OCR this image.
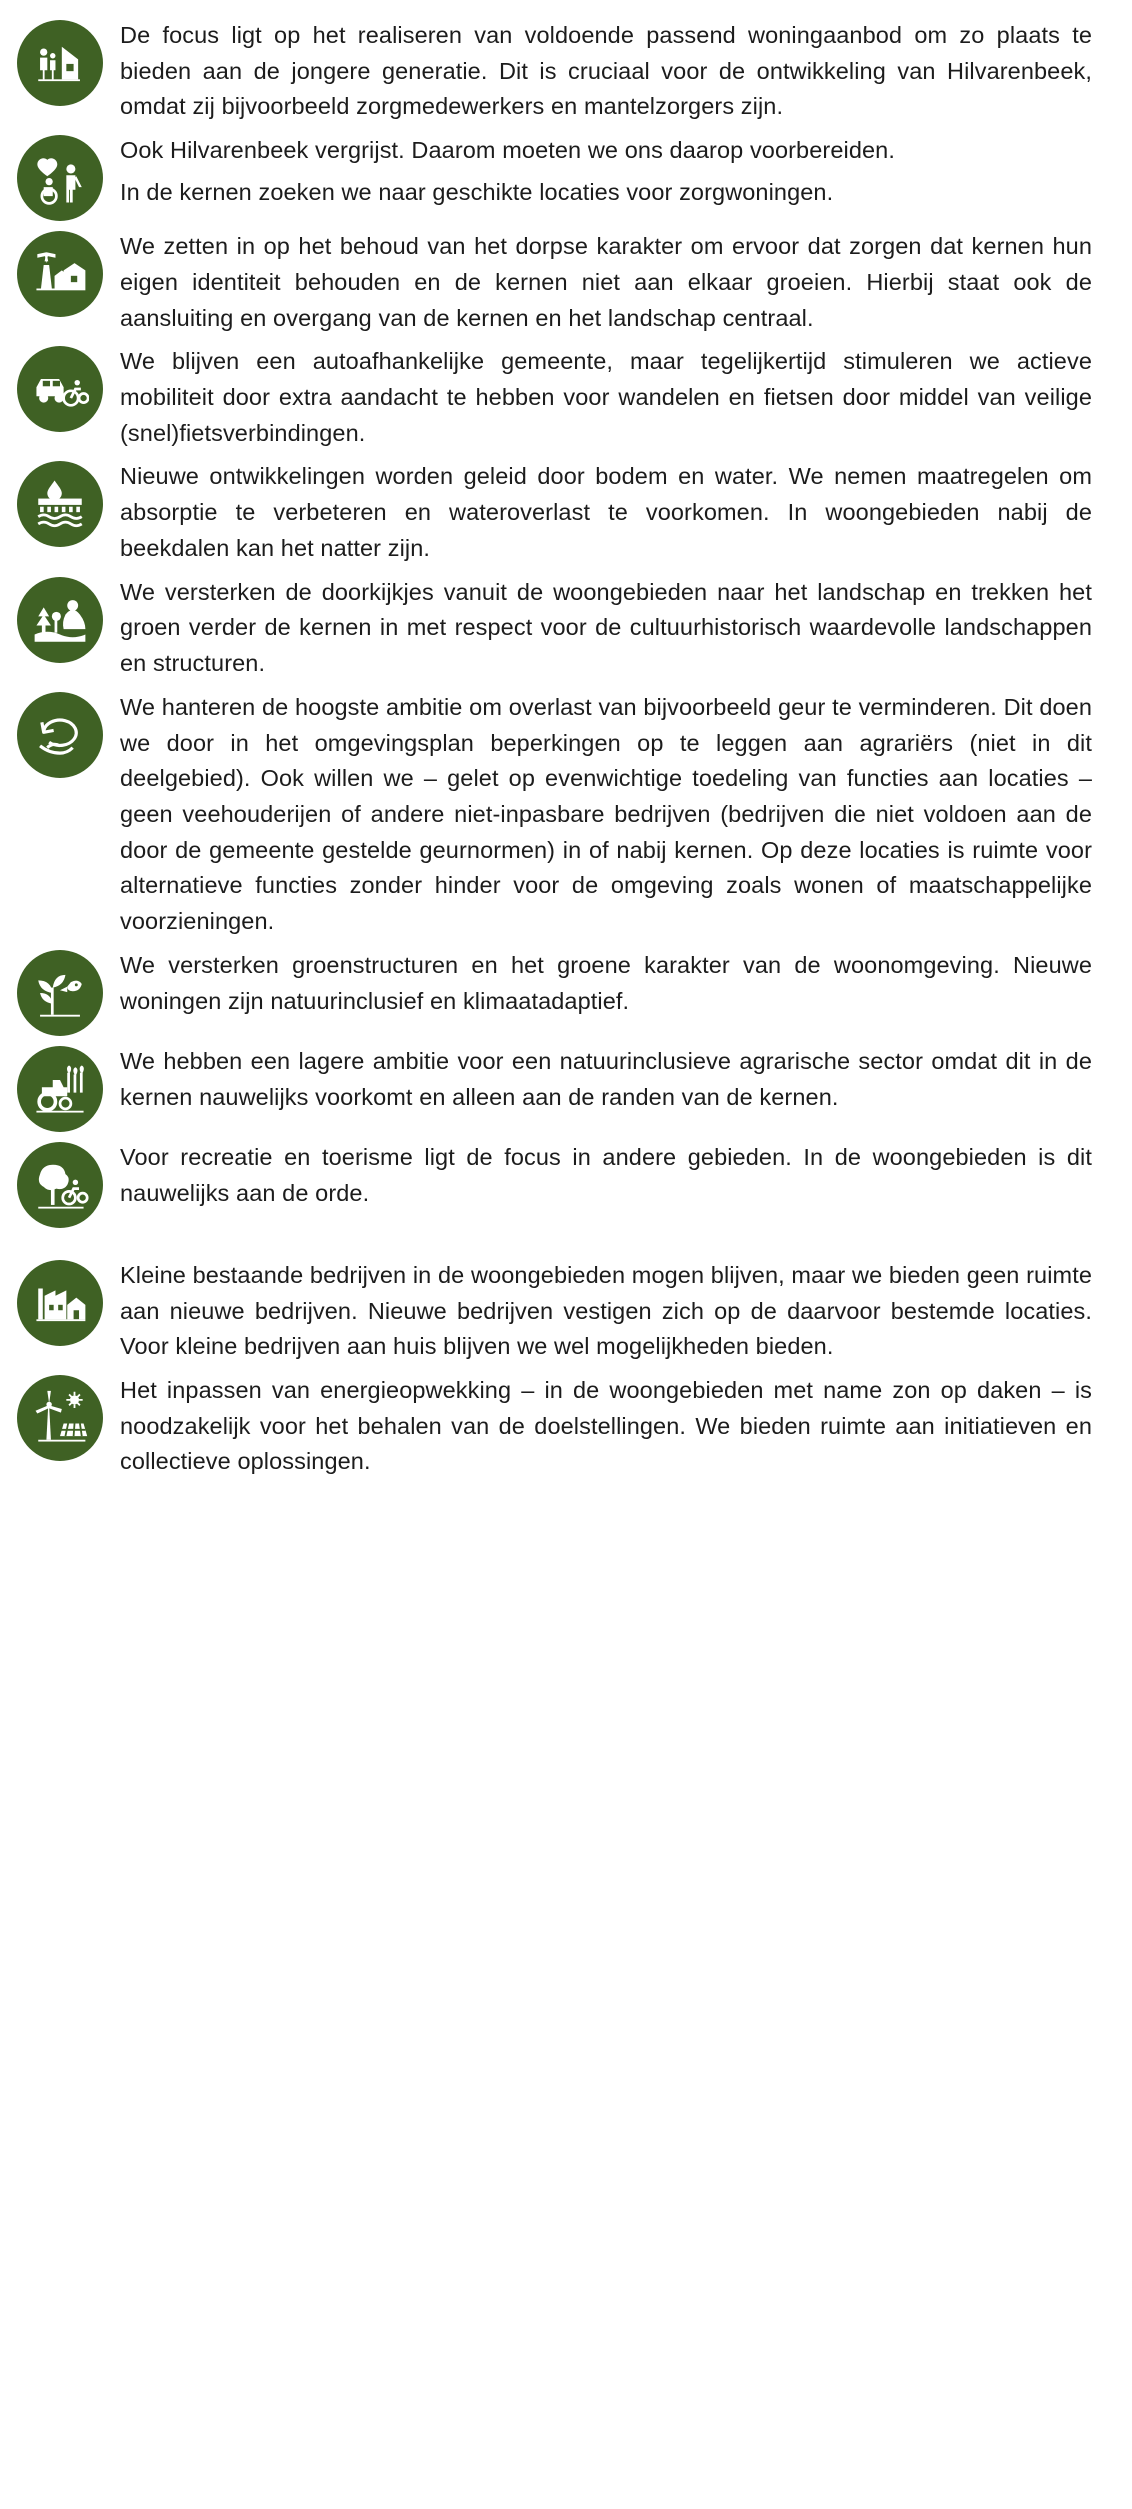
De focus ligt op het realiseren van voldoende passend woningaanbod om zo plaats te bieden aan de jongere generatie. Dit is cruciaal voor de ontwikkeling van Hilvarenbeek, omdat zij bijvoorbeeld zorgmedewerkers en mantelzorgers zijn.

Ook Hilvarenbeek vergrijst. Daarom moeten we ons daarop voorbereiden.

In de kernen zoeken we naar geschikte locaties voor zorgwoningen.

We zetten in op het behoud van het dorpse karakter om ervoor dat zorgen dat kernen hun eigen identiteit behouden en de kernen niet aan elkaar groeien. Hierbij staat ook de aansluiting en overgang van de kernen en het landschap centraal.

We blijven een autoafhankelijke gemeente, maar tegelijkertijd stimuleren we actieve mobiliteit door extra aandacht te hebben voor wandelen en fietsen door middel van veilige (snel)fietsverbindingen.

Nieuwe ontwikkelingen worden geleid door bodem en water. We nemen maatregelen om absorptie te verbeteren en wateroverlast te voorkomen. In woongebieden nabij de beekdalen kan het natter zijn.

We versterken de doorkijkjes vanuit de woongebieden naar het landschap en trekken het groen verder de kernen in met respect voor de cultuurhistorisch waardevolle landschappen en structuren.

We hanteren de hoogste ambitie om overlast van bijvoorbeeld geur te verminderen. Dit doen we door in het omgevingsplan beperkingen op te leggen aan agrariërs (niet in dit deelgebied). Ook willen we – gelet op evenwichtige toedeling van functies aan locaties – geen veehouderijen of andere niet-inpasbare bedrijven (bedrijven die niet voldoen aan de door de gemeente gestelde geurnormen) in of nabij kernen. Op deze locaties is ruimte voor alternatieve functies zonder hinder voor de omgeving zoals wonen of maatschappelijke voorzieningen.

We versterken groenstructuren en het groene karakter van de woonomgeving. Nieuwe woningen zijn natuurinclusief en klimaatadaptief.

We hebben een lagere ambitie voor een natuurinclusieve agrarische sector omdat dit in de kernen nauwelijks voorkomt en alleen aan de randen van de kernen.

Voor recreatie en toerisme ligt de focus in andere gebieden. In de woongebieden is dit nauwelijks aan de orde.

Kleine bestaande bedrijven in de woongebieden mogen blijven, maar we bieden geen ruimte aan nieuwe bedrijven. Nieuwe bedrijven vestigen zich op de daarvoor bestemde locaties. Voor kleine bedrijven aan huis blijven we wel mogelijkheden bieden.

Het inpassen van energieopwekking – in de woongebieden met name zon op daken – is noodzakelijk voor het behalen van de doelstellingen. We bieden ruimte aan initiatieven en collectieve oplossingen.
